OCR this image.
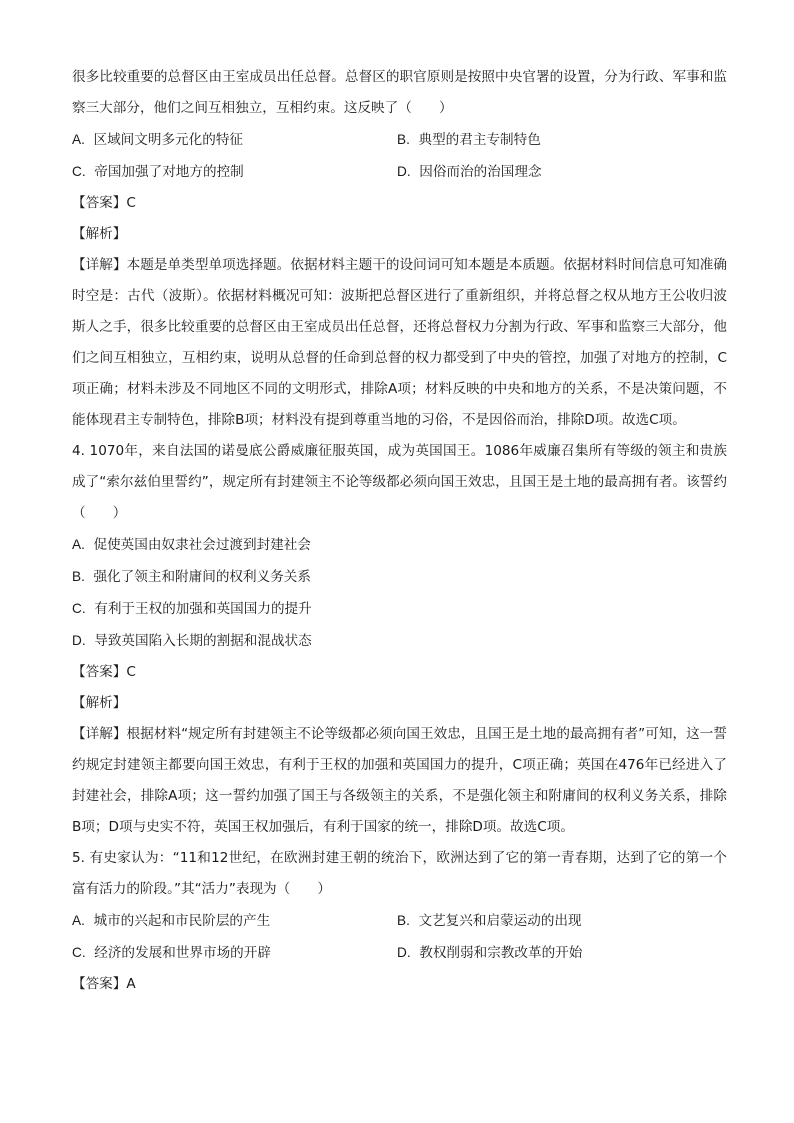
很多比较重要的总督区由王室成员出任总督。总督区的职官原则是按照中央官署的设置，分为行政、军事和监察三大部分，他们之间互相独立，互相约束。这反映了（　　）

A. 区域间文明多元化的特征	B. 典型的君主专制特色
C. 帝国加强了对地方的控制	D. 因俗而治的治国理念

【答案】C

【解析】

【详解】本题是单类型单项选择题。依据材料主题干的设问词可知本题是本质题。依据材料时间信息可知准确时空是：古代（波斯）。依据材料概况可知：波斯把总督区进行了重新组织，并将总督之权从地方王公收归波斯人之手，很多比较重要的总督区由王室成员出任总督，还将总督权力分割为行政、军事和监察三大部分，他们之间互相独立，互相约束，说明从总督的任命到总督的权力都受到了中央的管控，加强了对地方的控制，C项正确；材料未涉及不同地区不同的文明形式，排除A项；材料反映的中央和地方的关系，不是决策问题，不能体现君主专制特色，排除B项；材料没有提到尊重当地的习俗，不是因俗而治，排除D项。故选C项。

4. 1070年，来自法国的诺曼底公爵威廉征服英国，成为英国国王。1086年威廉召集所有等级的领主和贵族成了“索尔兹伯里誓约”，规定所有封建领主不论等级都必须向国王效忠，且国王是土地的最高拥有者。该誓约（　　）

A. 促使英国由奴隶社会过渡到封建社会
B. 强化了领主和附庸间的权利义务关系
C. 有利于王权的加强和英国国力的提升
D. 导致英国陷入长期的割据和混战状态

【答案】C

【解析】

【详解】根据材料“规定所有封建领主不论等级都必须向国王效忠，且国王是土地的最高拥有者”可知，这一誓约规定封建领主都要向国王效忠，有利于王权的加强和英国国力的提升，C项正确；英国在476年已经进入了封建社会，排除A项；这一誓约加强了国王与各级领主的关系，不是强化领主和附庸间的权利义务关系，排除B项；D项与史实不符，英国王权加强后，有利于国家的统一，排除D项。故选C项。

5. 有史家认为：“11和12世纪，在欧洲封建王朝的统治下，欧洲达到了它的第一青春期，达到了它的第一个富有活力的阶段。”其“活力”表现为（　　）

A. 城市的兴起和市民阶层的产生	B. 文艺复兴和启蒙运动的出现
C. 经济的发展和世界市场的开辟	D. 教权削弱和宗教改革的开始

【答案】A
